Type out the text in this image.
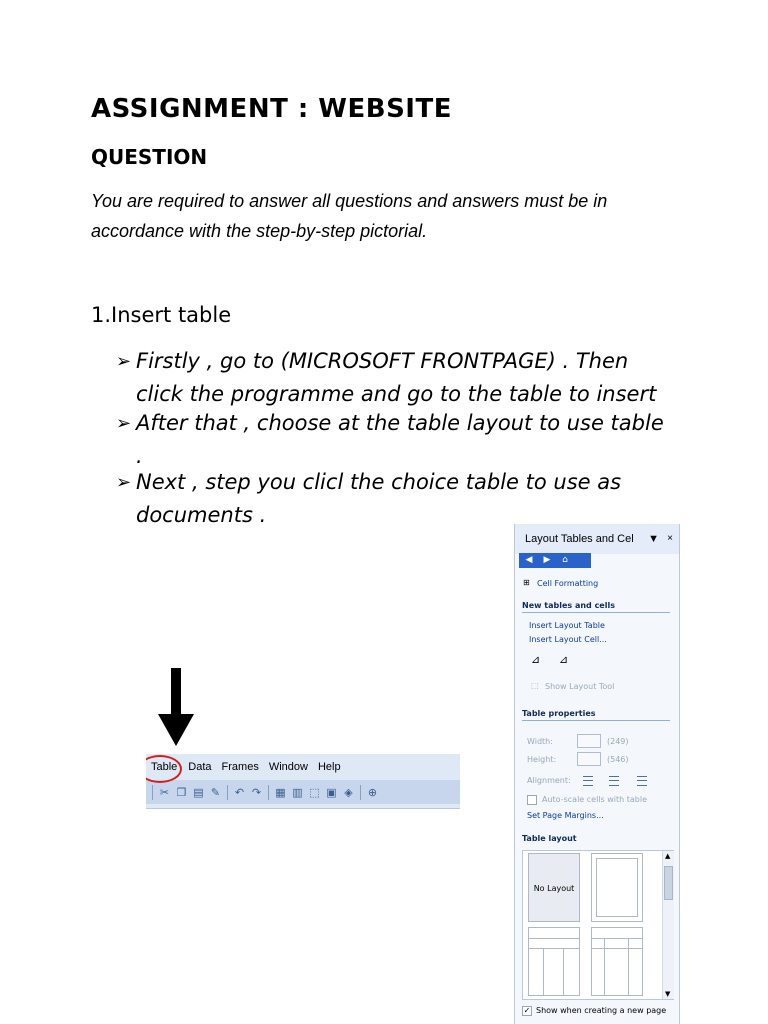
ASSIGNMENT : WEBSITE
QUESTION

You are required to answer all questions and answers must be in accordance with the step-by-step pictorial.

1.Insert table

➢ Firstly , go to (MICROSOFT FRONTPAGE) . Then click the programme and go to the table to insert
➢ After that , choose at the table layout to use table .
➢ Next , step you clicl the choice table to use as documents .
Table Data Frames Window Help
✂ ❐ ▤ ✎ ↶ ↷ ▦ ▥ ⬚ ▣ ◈ ⊕
Layout Tables and Cel	▼ ×
◀	▶	⌂
⊞ Cell Formatting
New tables and cells
Insert Layout Table
Insert Layout Cell...
⊿ ⊿
⬚ Show Layout Tool
Table properties
Width:	(249)
Height:	(546)
Alignment:
Auto-scale cells with table
Set Page Margins...
Table layout
No Layout
▲
▼
✓ Show when creating a new page
